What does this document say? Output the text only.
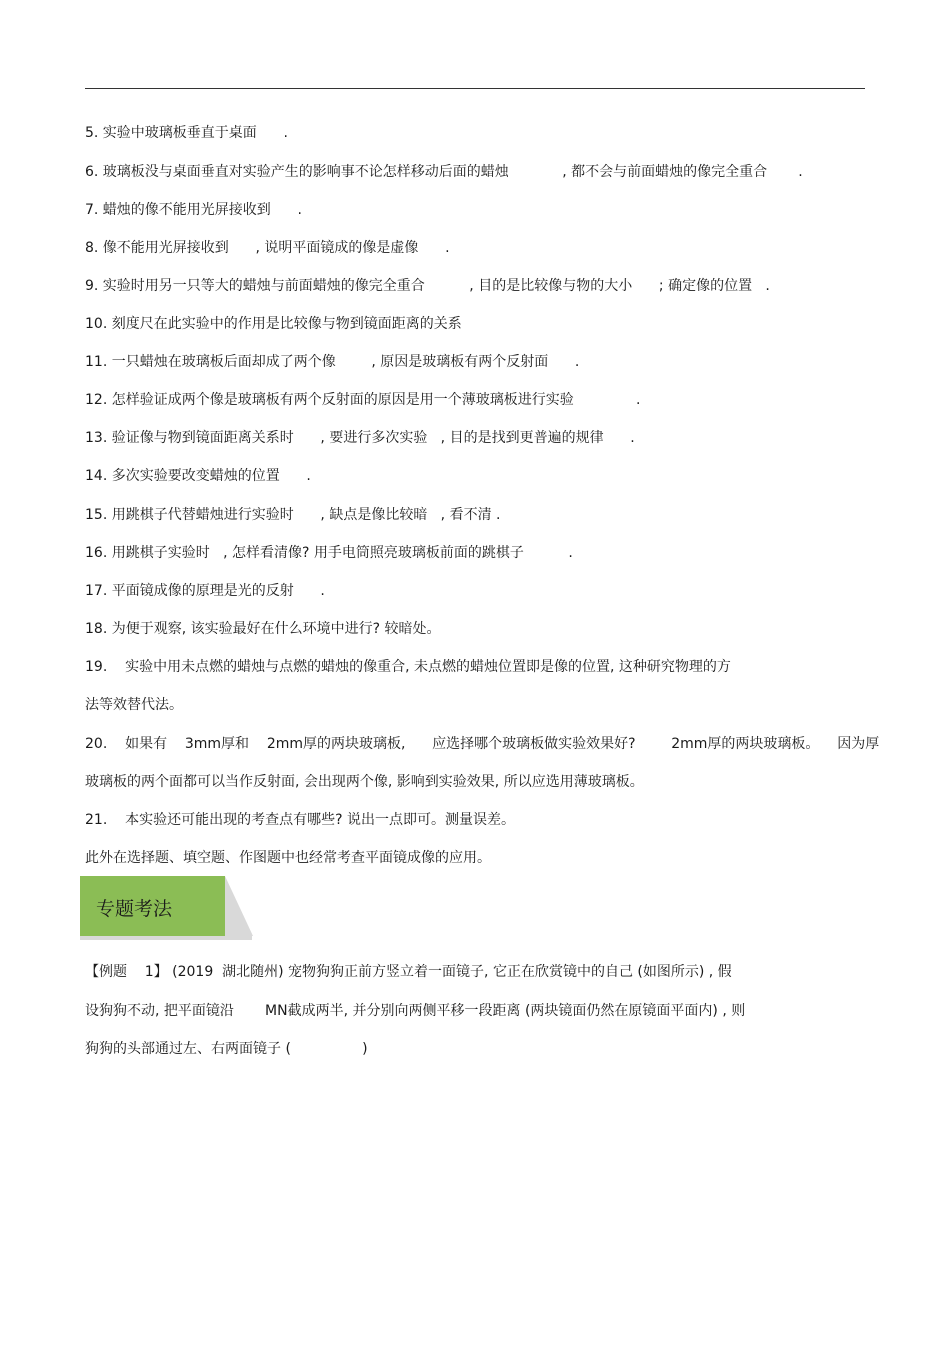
5. 实验中玻璃板垂直于桌面      .
6. 玻璃板没与桌面垂直对实验产生的影响事不论怎样移动后面的蜡烛            , 都不会与前面蜡烛的像完全重合       .
7. 蜡烛的像不能用光屏接收到      .
8. 像不能用光屏接收到      , 说明平面镜成的像是虚像      .
9. 实验时用另一只等大的蜡烛与前面蜡烛的像完全重合          , 目的是比较像与物的大小      ; 确定像的位置   .
10. 刻度尺在此实验中的作用是比较像与物到镜面距离的关系
11. 一只蜡烛在玻璃板后面却成了两个像        , 原因是玻璃板有两个反射面      .
12. 怎样验证成两个像是玻璃板有两个反射面的原因是用一个薄玻璃板进行实验              .
13. 验证像与物到镜面距离关系时      , 要进行多次实验   , 目的是找到更普遍的规律      .
14. 多次实验要改变蜡烛的位置      .
15. 用跳棋子代替蜡烛进行实验时      , 缺点是像比较暗   , 看不清 .
16. 用跳棋子实验时   , 怎样看清像? 用手电筒照亮玻璃板前面的跳棋子          .
17. 平面镜成像的原理是光的反射      .
18. 为便于观察, 该实验最好在什么环境中进行? 较暗处。
19.    实验中用未点燃的蜡烛与点燃的蜡烛的像重合, 未点燃的蜡烛位置即是像的位置, 这种研究物理的方
法等效替代法。
20.    如果有    3mm厚和    2mm厚的两块玻璃板,      应选择哪个玻璃板做实验效果好?        2mm厚的两块玻璃板。    因为厚
玻璃板的两个面都可以当作反射面, 会出现两个像, 影响到实验效果, 所以应选用薄玻璃板。
21.    本实验还可能出现的考查点有哪些? 说出一点即可。测量误差。
此外在选择题、填空题、作图题中也经常考查平面镜成像的应用。
专题考法
【例题    1】 (2019  湖北随州) 宠物狗狗正前方竖立着一面镜子, 它正在欣赏镜中的自己 (如图所示) , 假
设狗狗不动, 把平面镜沿       MN截成两半, 并分别向两侧平移一段距离 (两块镜面仍然在原镜面平面内) , 则
狗狗的头部通过左、右两面镜子 (                )
